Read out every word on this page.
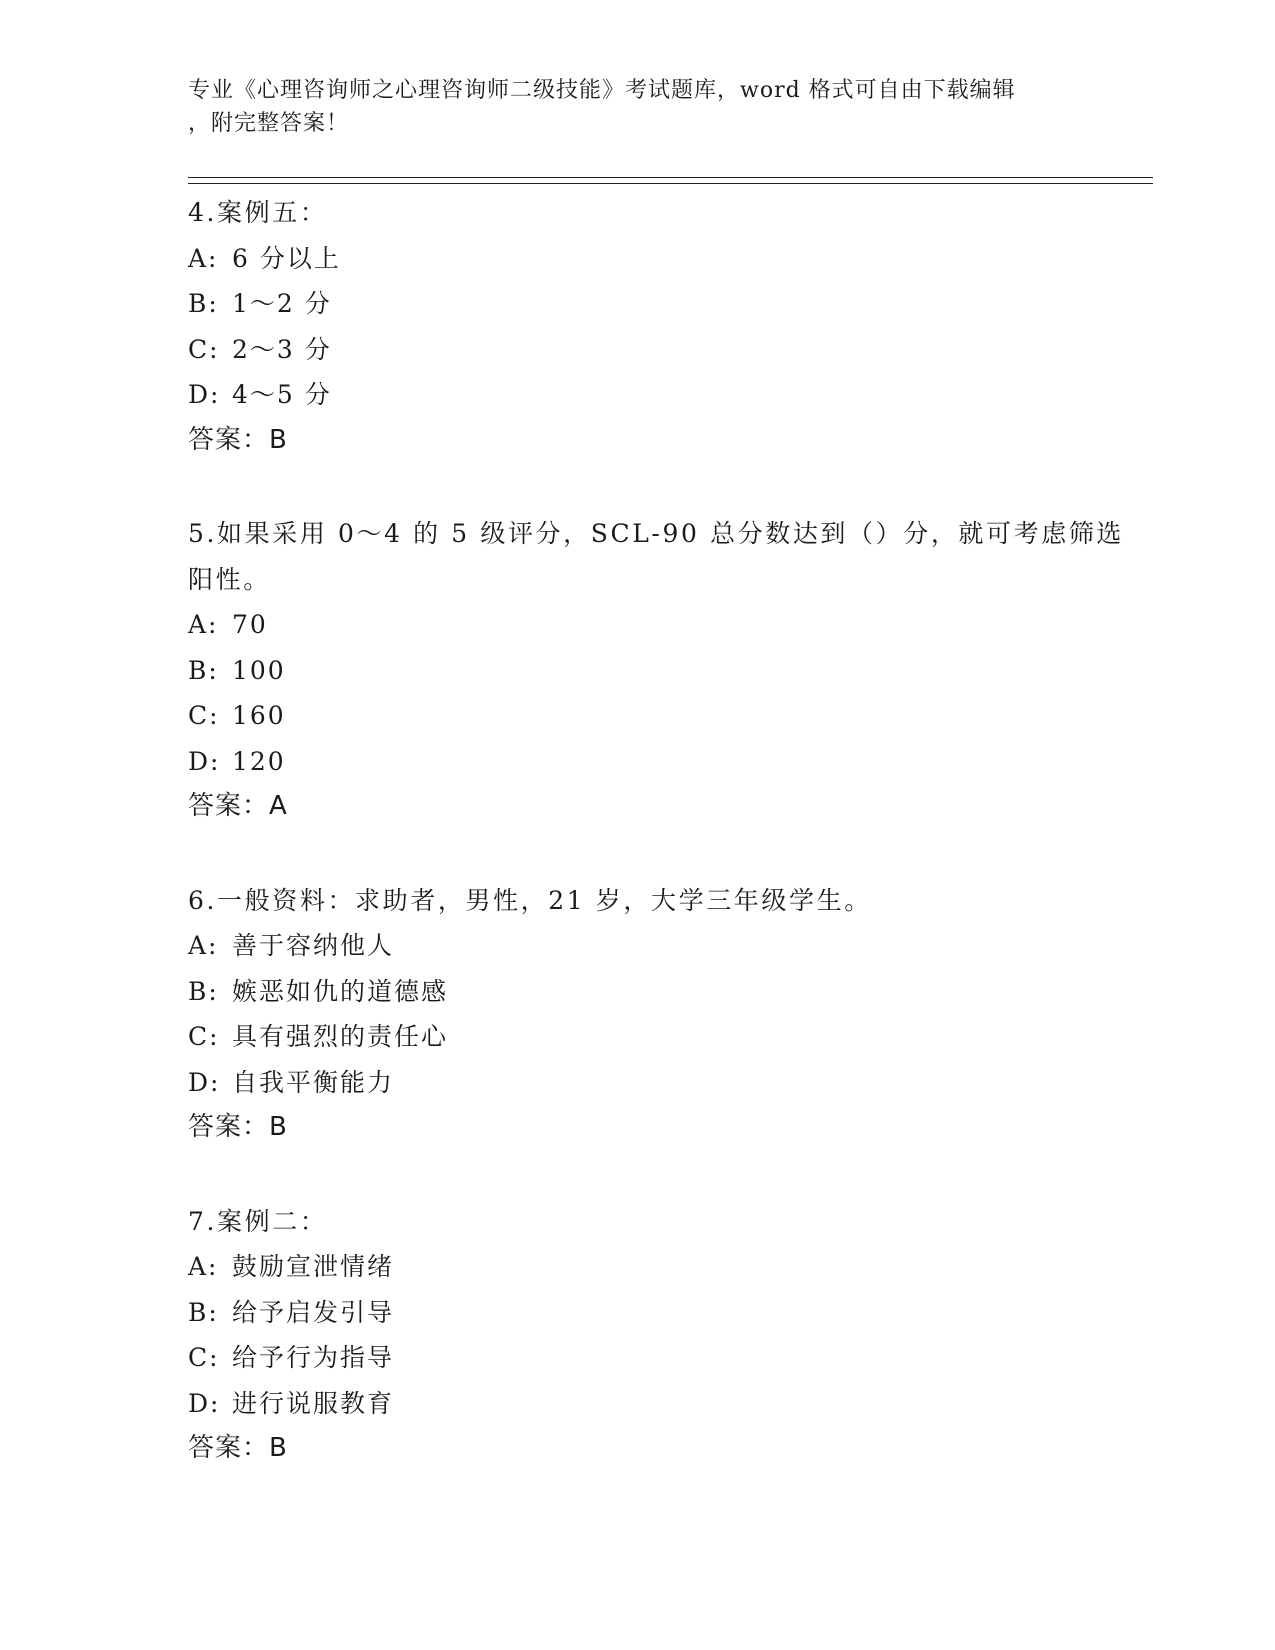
专业《心理咨询师之心理咨询师二级技能》考试题库，word 格式可自由下载编辑
，附完整答案！
4.案例五：
A: 6 分以上
B: 1～2 分
C: 2～3 分
D: 4～5 分
答案：B
5.如果采用 0～4 的 5 级评分，SCL-90 总分数达到（）分，就可考虑筛选阳性。
A: 70
B: 100
C: 160
D: 120
答案：A
6.一般资料：求助者，男性，21 岁，大学三年级学生。
A: 善于容纳他人
B: 嫉恶如仇的道德感
C: 具有强烈的责任心
D: 自我平衡能力
答案：B
7.案例二：
A: 鼓励宣泄情绪
B: 给予启发引导
C: 给予行为指导
D: 进行说服教育
答案：B
